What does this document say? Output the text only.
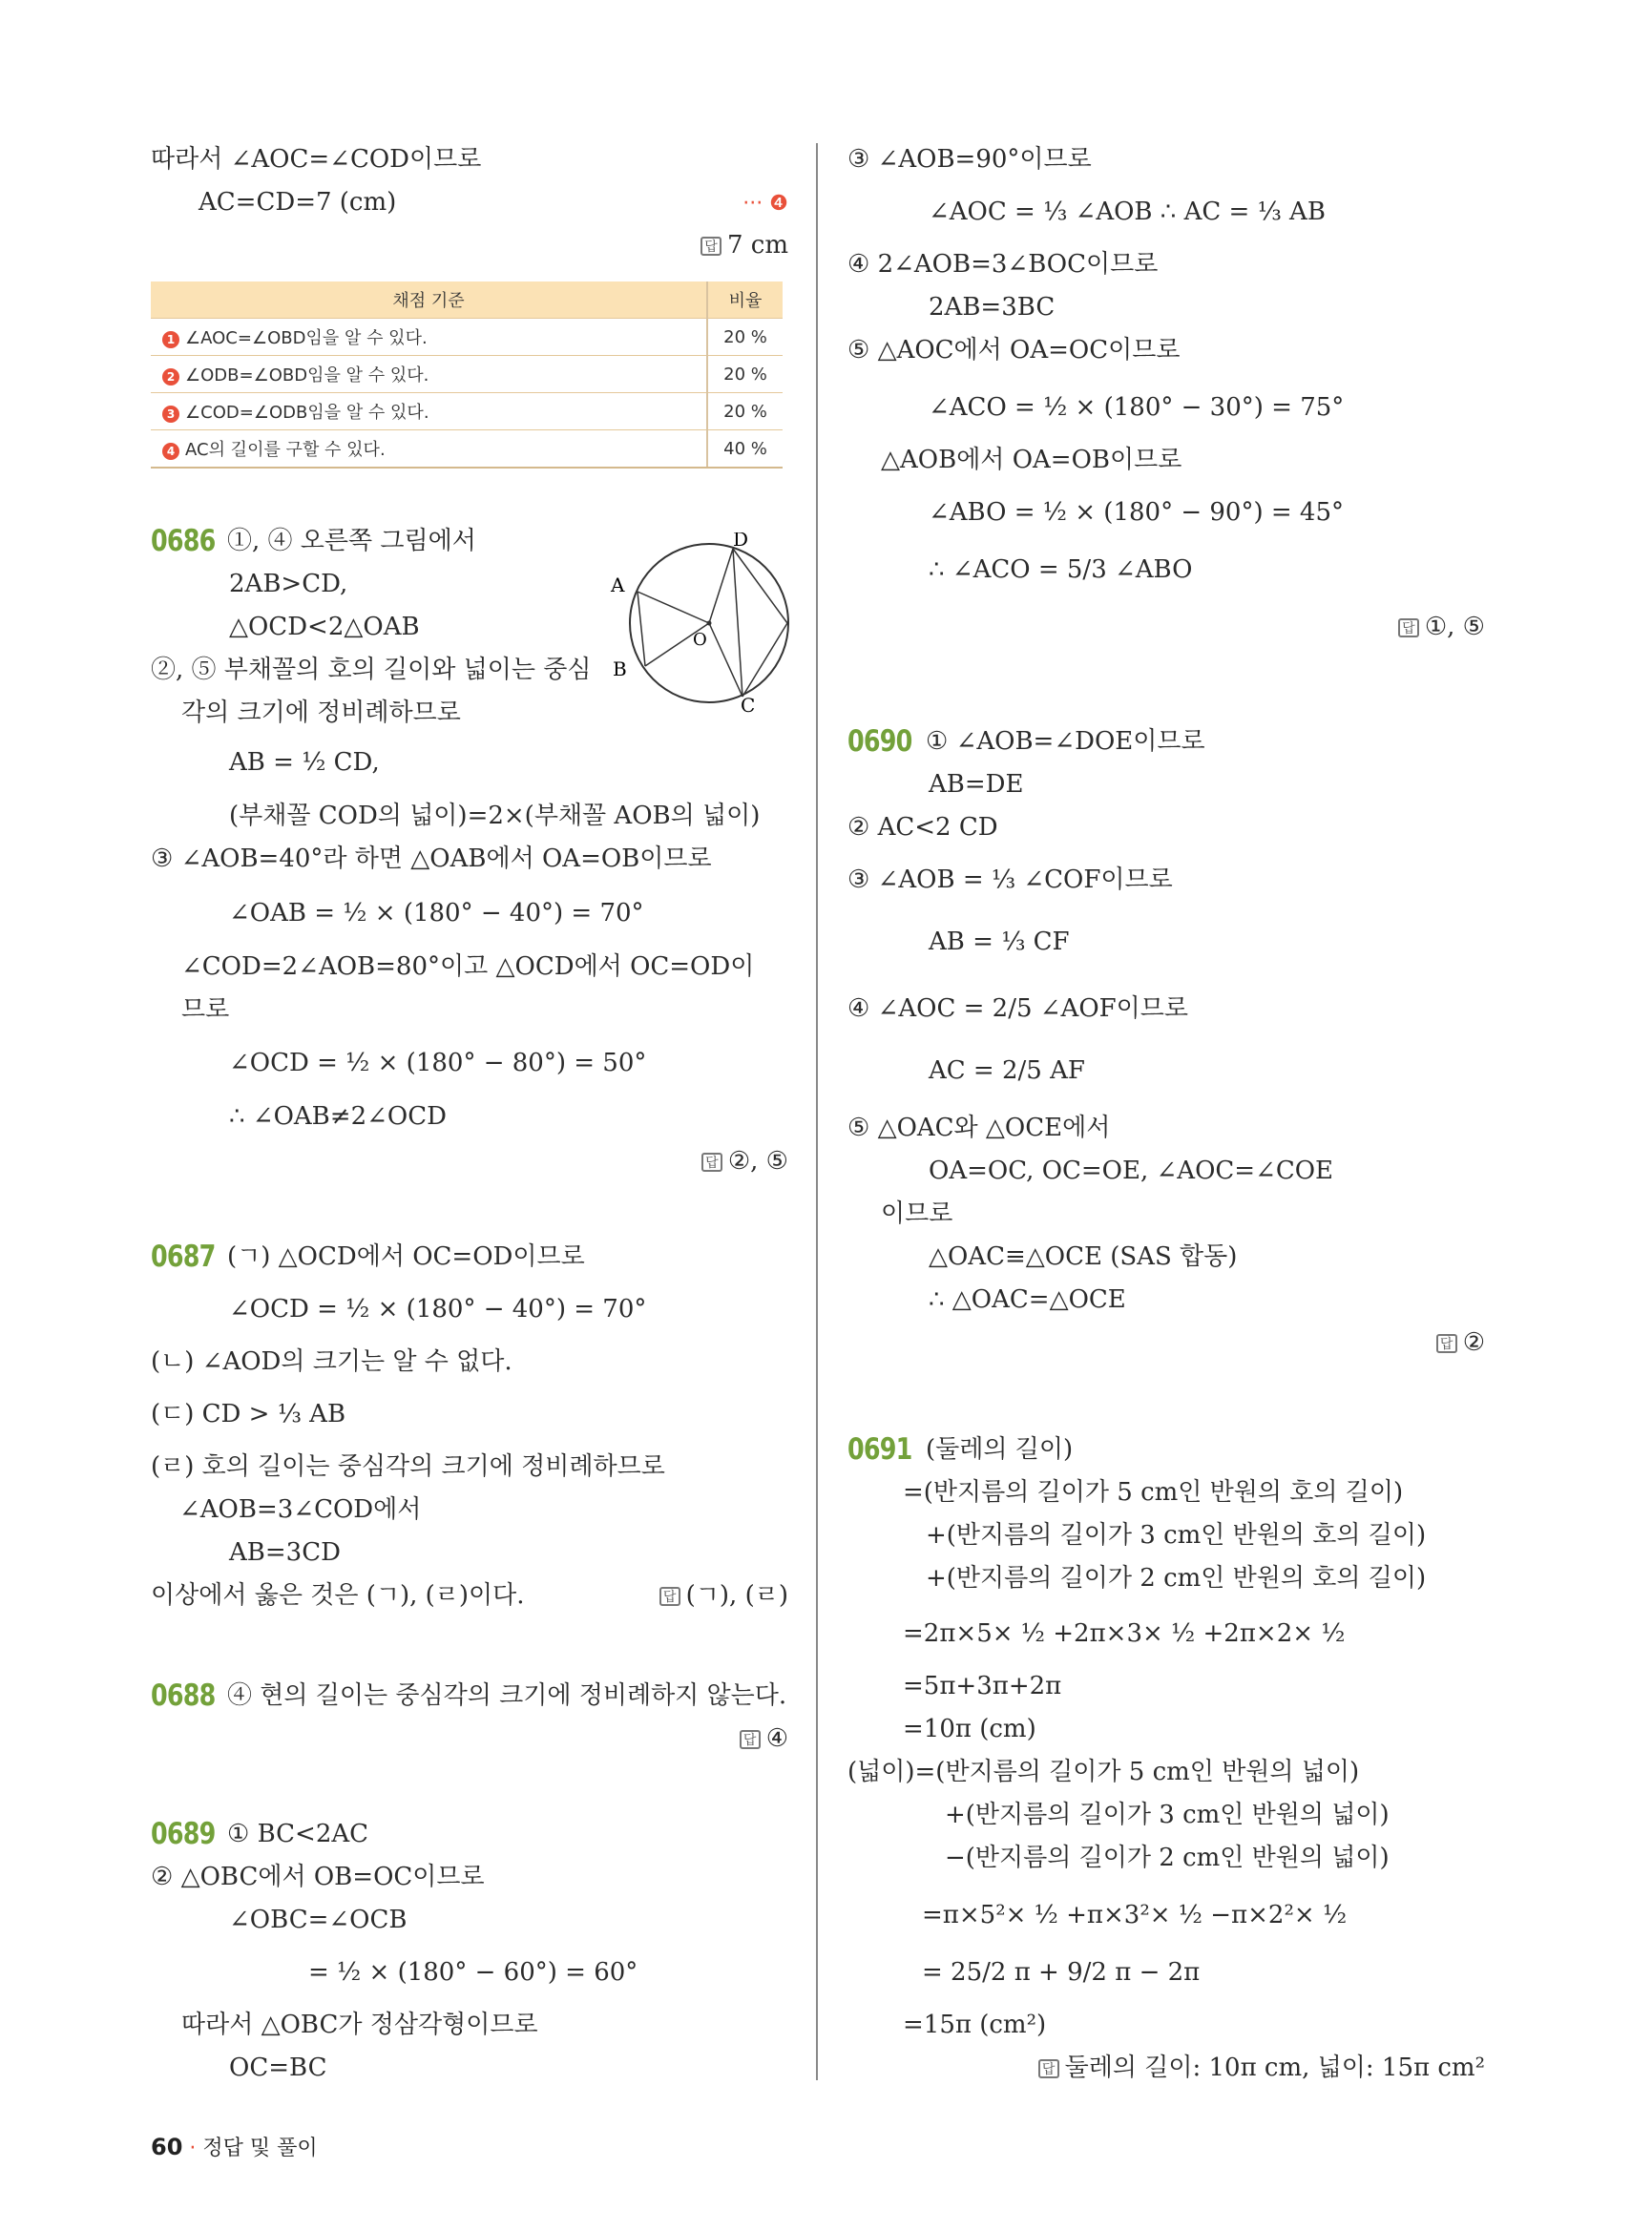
따라서 ∠AOC=∠COD이므로
AC=CD=7 (cm)	··· ❹
답 7 cm
채점 기준	비율
1 ∠AOC=∠OBD임을 알 수 있다.	20 %
2 ∠ODB=∠OBD임을 알 수 있다.	20 %
3 ∠COD=∠ODB임을 알 수 있다.	20 %
4 AC의 길이를 구할 수 있다.	40 %
0686 ①, ④ 오른쪽 그림에서
2AB>CD,
△OCD<2△OAB
②, ⑤ 부채꼴의 호의 길이와 넓이는 중심
각의 크기에 정비례하므로
AB = ½ CD,
(부채꼴 COD의 넓이)=2×(부채꼴 AOB의 넓이)
③ ∠AOB=40°라 하면 △OAB에서 OA=OB이므로
∠OAB = ½ × (180° − 40°) = 70°
∠COD=2∠AOB=80°이고 △OCD에서 OC=OD이
므로
∠OCD = ½ × (180° − 80°) = 50°
∴ ∠OAB≠2∠OCD
답 ②, ⑤
0687 (ㄱ) △OCD에서 OC=OD이므로
∠OCD = ½ × (180° − 40°) = 70°
(ㄴ) ∠AOD의 크기는 알 수 없다.
(ㄷ) CD > ⅓ AB
(ㄹ) 호의 길이는 중심각의 크기에 정비례하므로
∠AOB=3∠COD에서
AB=3CD
이상에서 옳은 것은 (ㄱ), (ㄹ)이다.	답 (ㄱ), (ㄹ)
0688 ④ 현의 길이는 중심각의 크기에 정비례하지 않는다.
답 ④
0689 ① BC<2AC
② △OBC에서 OB=OC이므로
∠OBC=∠OCB
= ½ × (180° − 60°) = 60°
따라서 △OBC가 정삼각형이므로
OC=BC
A
B
C
D
O
③ ∠AOB=90°이므로
∠AOC = ⅓ ∠AOB ∴ AC = ⅓ AB
④ 2∠AOB=3∠BOC이므로
2AB=3BC
⑤ △AOC에서 OA=OC이므로
∠ACO = ½ × (180° − 30°) = 75°
△AOB에서 OA=OB이므로
∠ABO = ½ × (180° − 90°) = 45°
∴ ∠ACO = 5/3 ∠ABO
답 ①, ⑤
0690 ① ∠AOB=∠DOE이므로
AB=DE
② AC<2 CD
③ ∠AOB = ⅓ ∠COF이므로
AB = ⅓ CF
④ ∠AOC = 2/5 ∠AOF이므로
AC = 2/5 AF
⑤ △OAC와 △OCE에서
OA=OC, OC=OE, ∠AOC=∠COE
이므로
△OAC≡△OCE (SAS 합동)
∴ △OAC=△OCE
답 ②
0691 (둘레의 길이)
=(반지름의 길이가 5 cm인 반원의 호의 길이)
+(반지름의 길이가 3 cm인 반원의 호의 길이)
+(반지름의 길이가 2 cm인 반원의 호의 길이)
=2π×5× ½ +2π×3× ½ +2π×2× ½
=5π+3π+2π
=10π (cm)
(넓이)=(반지름의 길이가 5 cm인 반원의 넓이)
+(반지름의 길이가 3 cm인 반원의 넓이)
−(반지름의 길이가 2 cm인 반원의 넓이)
=π×5²× ½ +π×3²× ½ −π×2²× ½
= 25/2 π + 9/2 π − 2π
=15π (cm²)
답 둘레의 길이: 10π cm, 넓이: 15π cm²
60 · 정답 및 풀이
